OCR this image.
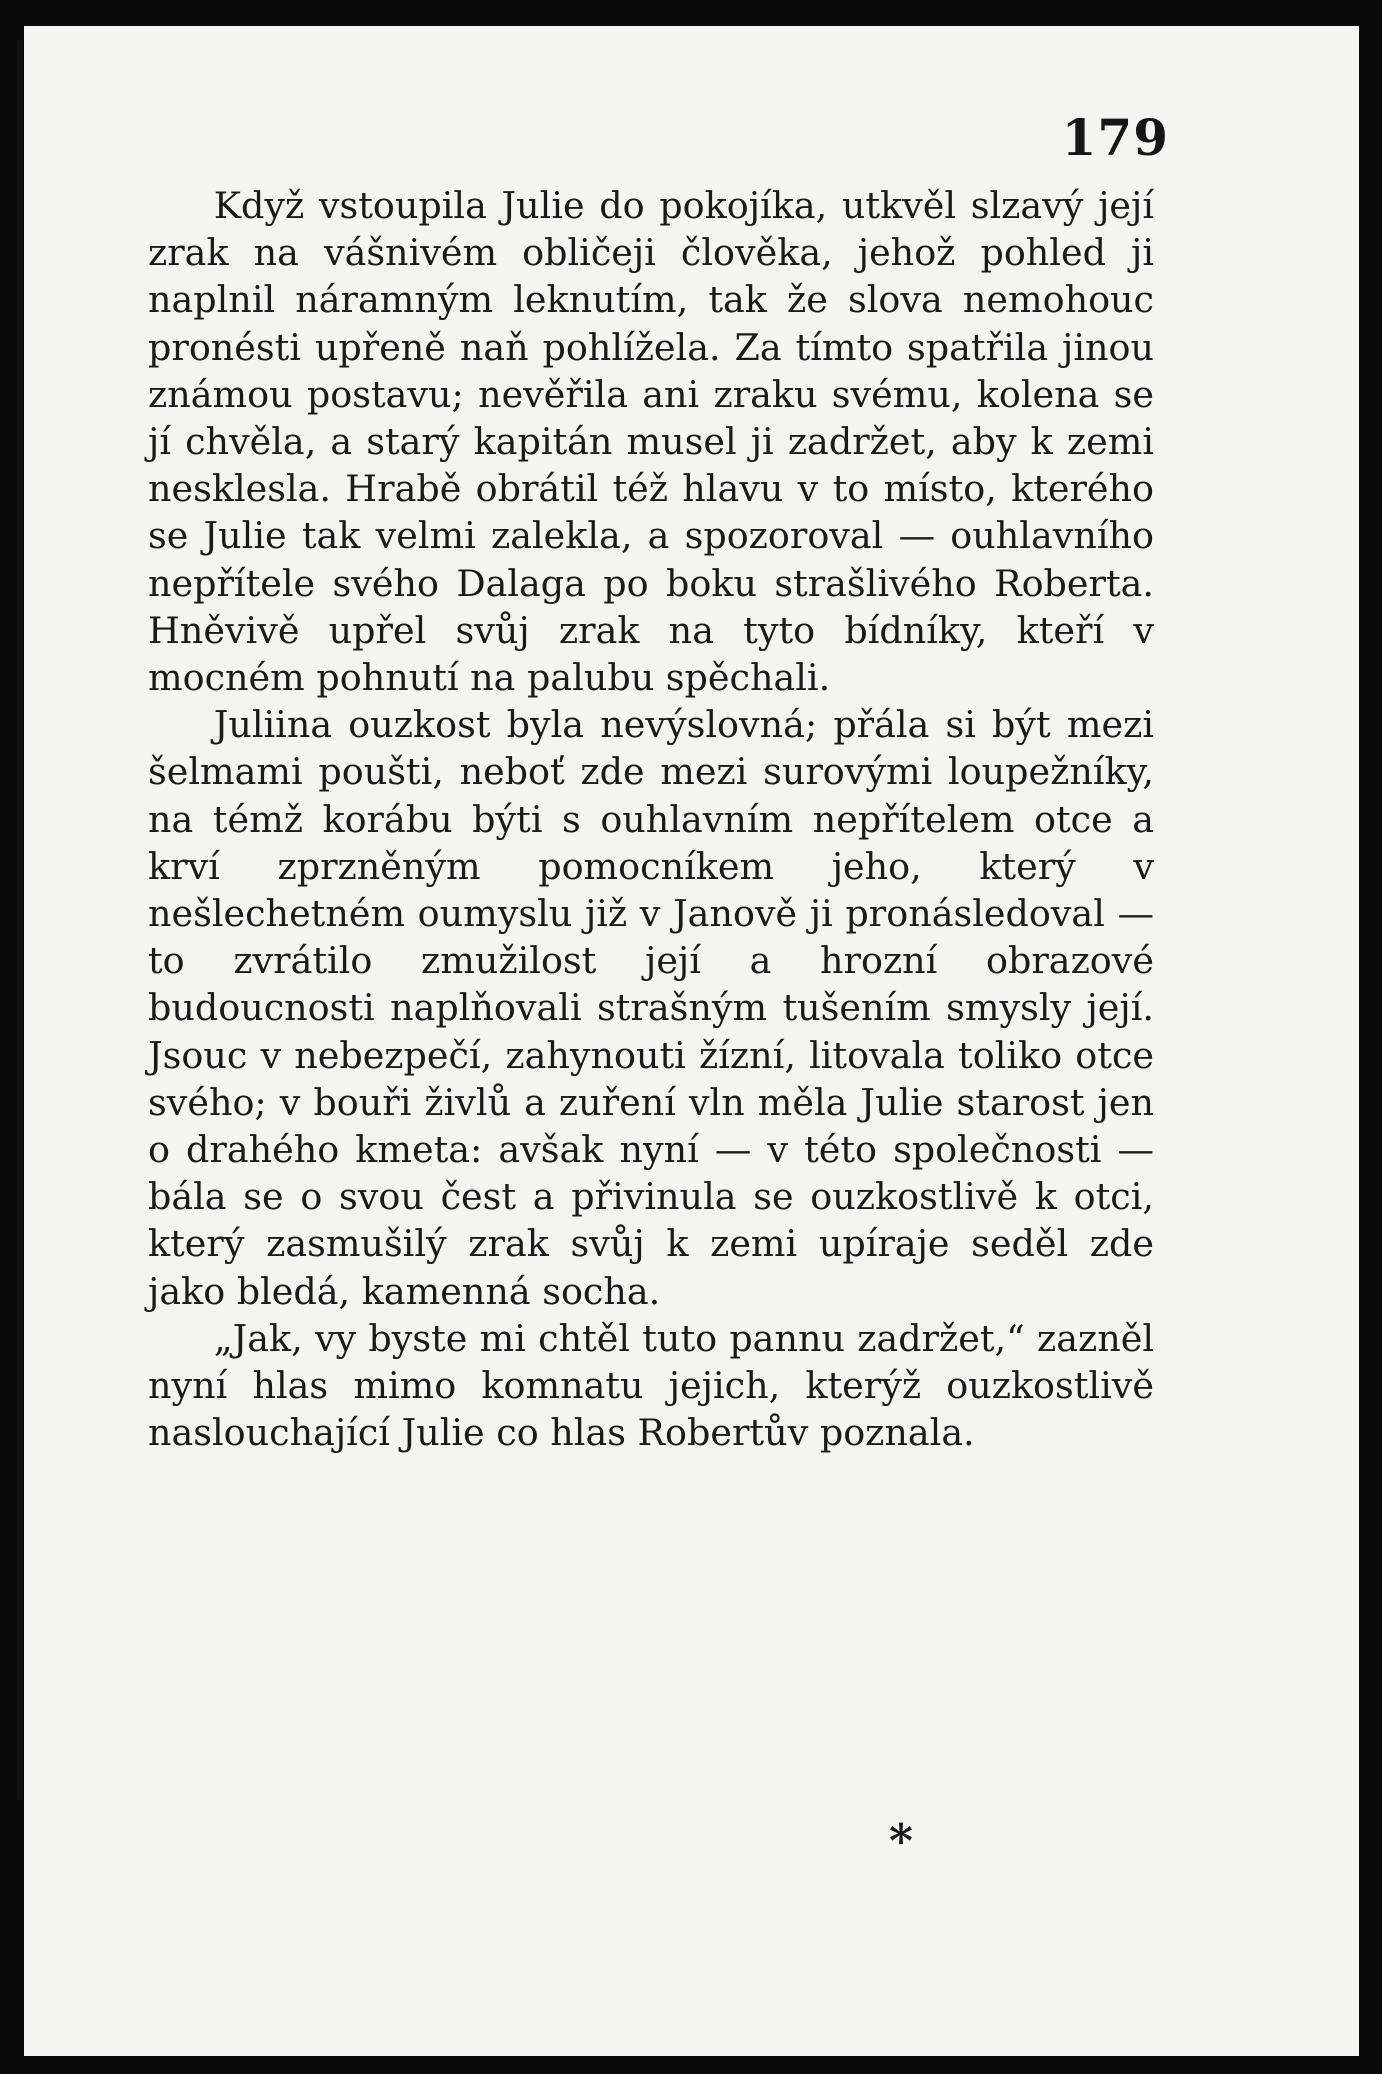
179

Když vstoupila Julie do pokojíka, utkvěl slzavý její zrak na vášnivém obličeji člověka, jehož pohled ji naplnil náramným leknutím, tak že slova nemohouc pronésti upřeně naň pohlížela. Za tímto spatřila jinou známou postavu; nevěřila ani zraku svému, kolena se jí chvěla, a starý kapitán musel ji zadržet, aby k zemi neskleslа. Hrabě obrátil též hlavu v to místo, kterého se Julie tak velmi zalekla, a spozoroval — ouhlavního nepřítele svého Dalaga po boku strašlivého Roberta. Hněvivě upřel svůj zrak na tyto bídníky, kteří v mocném pohnutí na palubu spěchali.

Juliina ouzkost byla nevýslovná; přála si být mezi šelmami poušti, neboť zde mezi surovými loupežníky, na témž korábu býti s ouhlavním nepřítelem otce a krví zprzněným pomocníkem jeho, který v nešlechetném oumyslu již v Janově ji pronásledoval — to zvrátilo zmužilost její a hrozní obrazové budoucnosti naplňovali strašným tušením smysly její. Jsouc v nebezpečí, zahynouti žízní, litovala toliko otce svého; v bouři živlů a zuření vln měla Julie starost jen o drahého kmeta: avšak nyní — v této společnosti — bála se o svou čest a přivinula se ouzkostlivě k otci, který zasmušilý zrak svůj k zemi upíraje seděl zde jako bledá, kamenná socha.

„Jak, vy byste mi chtěl tuto pannu zadržet,“ zazněl nyní hlas mimo komnatu jejich, kterýž ouzkostlivě naslouchající Julie co hlas Robertův poznala.

*
